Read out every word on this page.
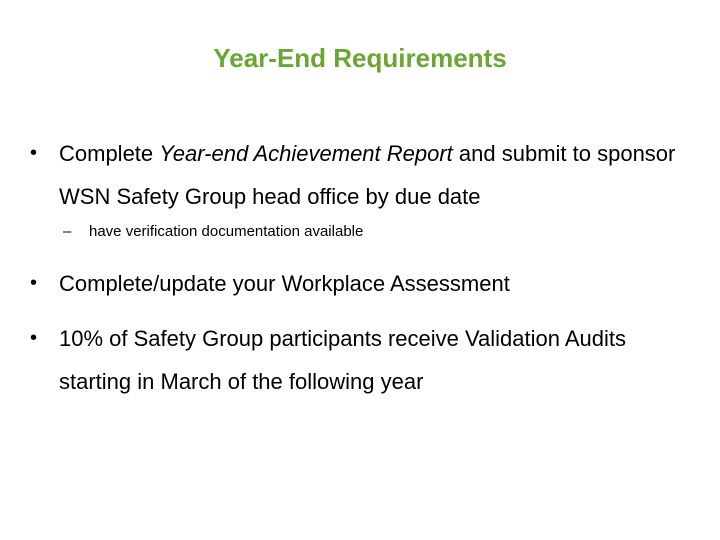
Year-End Requirements
• Complete Year-end Achievement Report and submit to sponsor WSN Safety Group head office by due date
– have verification documentation available
• Complete/update your Workplace Assessment
• 10% of Safety Group participants receive Validation Audits starting in March of the following year
